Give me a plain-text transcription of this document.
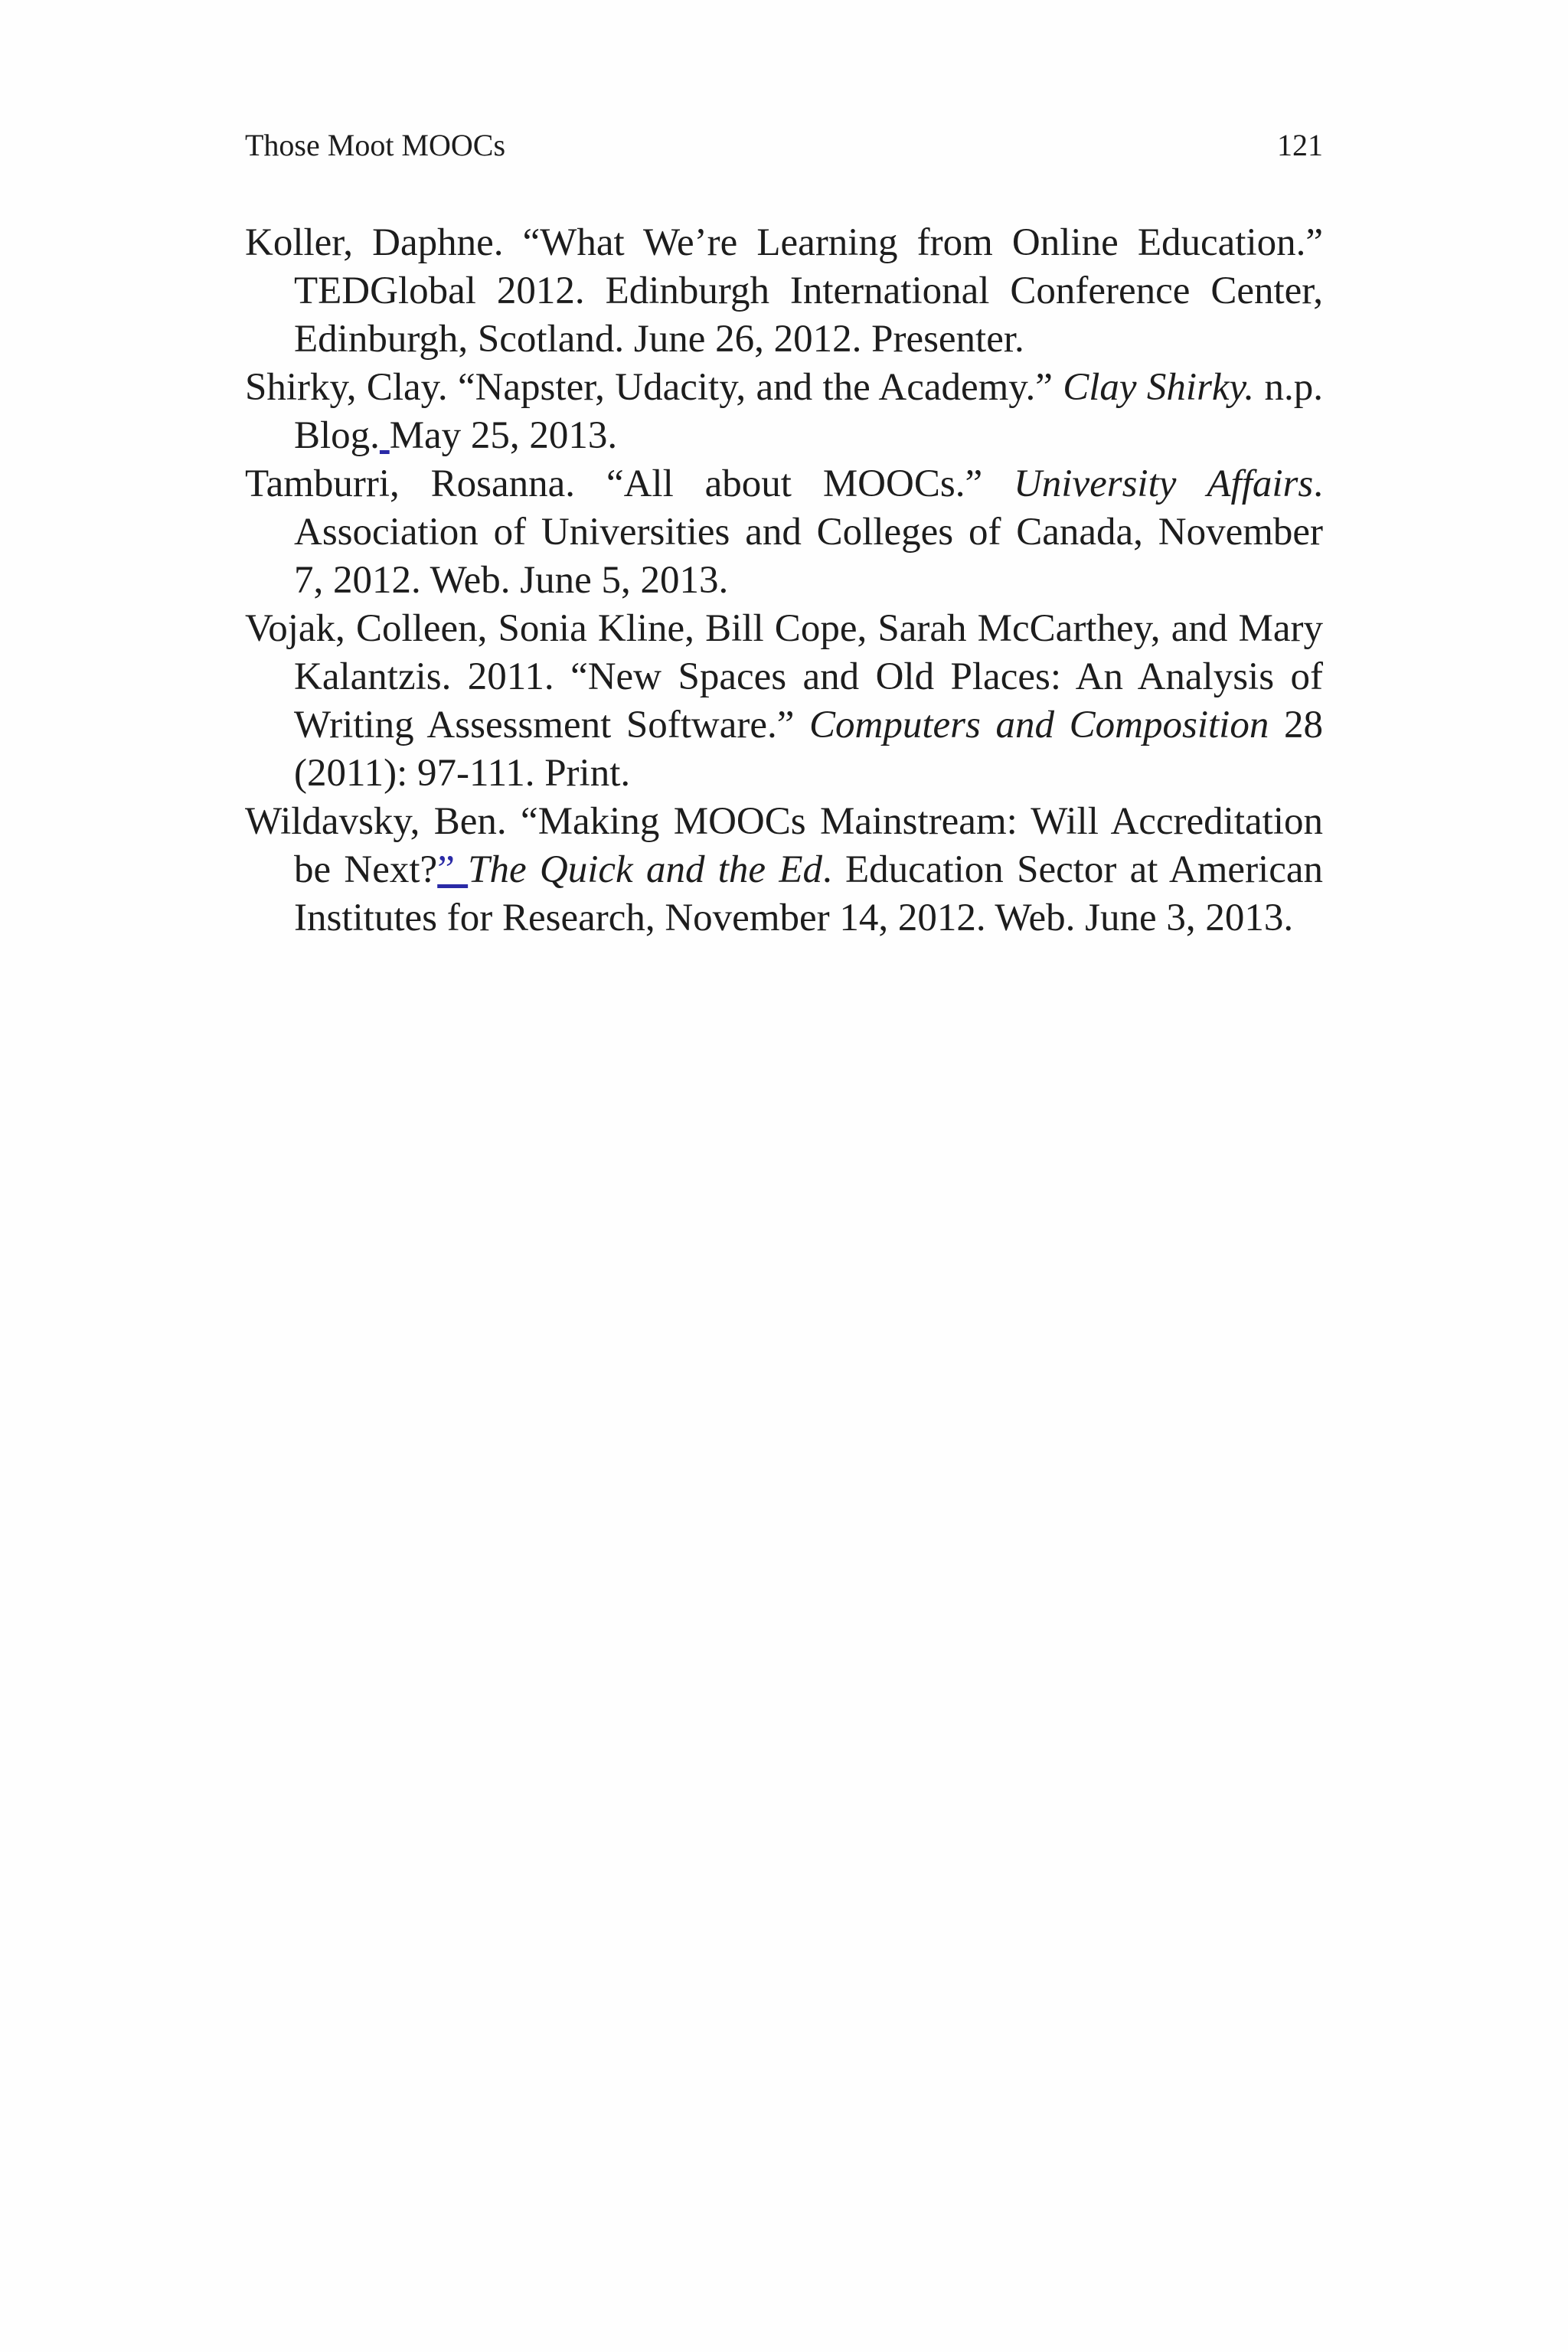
Those Moot MOOCs	121
Koller, Daphne. “What We’re Learning from Online Education.” TEDGlobal 2012. Edinburgh International Conference Center, Edinburgh, Scotland. June 26, 2012. Presenter.
Shirky, Clay. “Napster, Udacity, and the Academy.” Clay Shirky. n.p. Blog. May 25, 2013.
Tamburri, Rosanna. “All about MOOCs.” University Affairs. Association of Universities and Colleges of Canada, November 7, 2012. Web. June 5, 2013.
Vojak, Colleen, Sonia Kline, Bill Cope, Sarah McCarthey, and Mary Kalantzis. 2011. “New Spaces and Old Places: An Analysis of Writing Assessment Software.” Computers and Composition 28 (2011): 97-111. Print.
Wildavsky, Ben. “Making MOOCs Mainstream: Will Accreditation be Next?” The Quick and the Ed. Education Sector at American Institutes for Research, November 14, 2012. Web. June 3, 2013.
